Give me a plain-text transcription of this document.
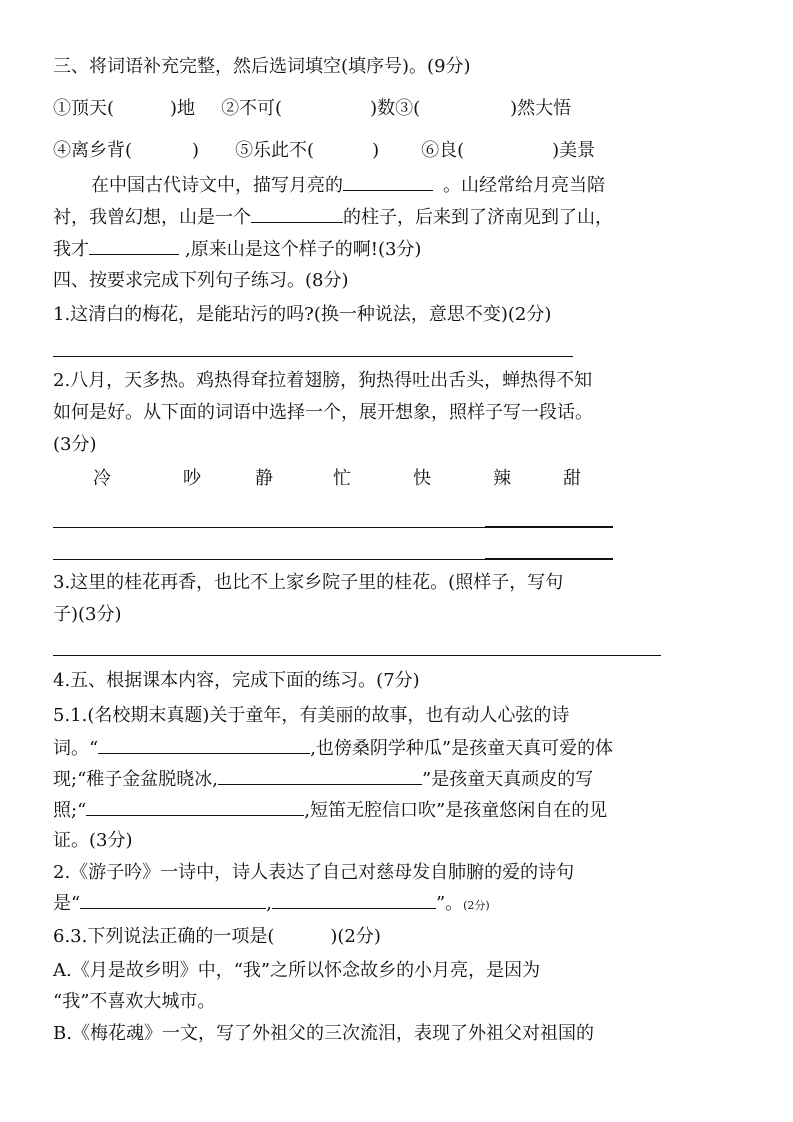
三、将词语补充完整，然后选词填空(填序号)。(9分)
①顶天(	)地 ②不可(	)数③(	)然大悟
④离乡背(	) ⑤乐此不(	) ⑥良(	)美景
在中国古代诗文中，描写月亮的	。山经常给月亮当陪
衬，我曾幻想，山是一个	的柱子，后来到了济南见到了山，
我才	,原来山是这个样子的啊!(3分)
四、按要求完成下列句子练习。(8分)
1.这清白的梅花，是能玷污的吗?(换一种说法，意思不变)(2分)
2.八月，天多热。鸡热得耷拉着翅膀，狗热得吐出舌头，蝉热得不知
如何是好。从下面的词语中选择一个，展开想象，照样子写一段话。
(3分)
冷	吵	静	忙	快	辣	甜
3.这里的桂花再香，也比不上家乡院子里的桂花。(照样子，写句
子)(3分)
4.五、根据课本内容，完成下面的练习。(7分)
5.1.(名校期末真题)关于童年，有美丽的故事，也有动人心弦的诗
词。“	,也傍桑阴学种瓜”是孩童天真可爱的体
现;“稚子金盆脱晓冰,	”是孩童天真顽皮的写
照;“	,短笛无腔信口吹”是孩童悠闲自在的见
证。(3分)
2.《游子吟》一诗中，诗人表达了自己对慈母发自肺腑的爱的诗句
是“	,	”。(2分)
6.3.下列说法正确的一项是(	)(2分)
A.《月是故乡明》中，“我”之所以怀念故乡的小月亮，是因为
“我”不喜欢大城市。
B.《梅花魂》一文，写了外祖父的三次流泪，表现了外祖父对祖国的
